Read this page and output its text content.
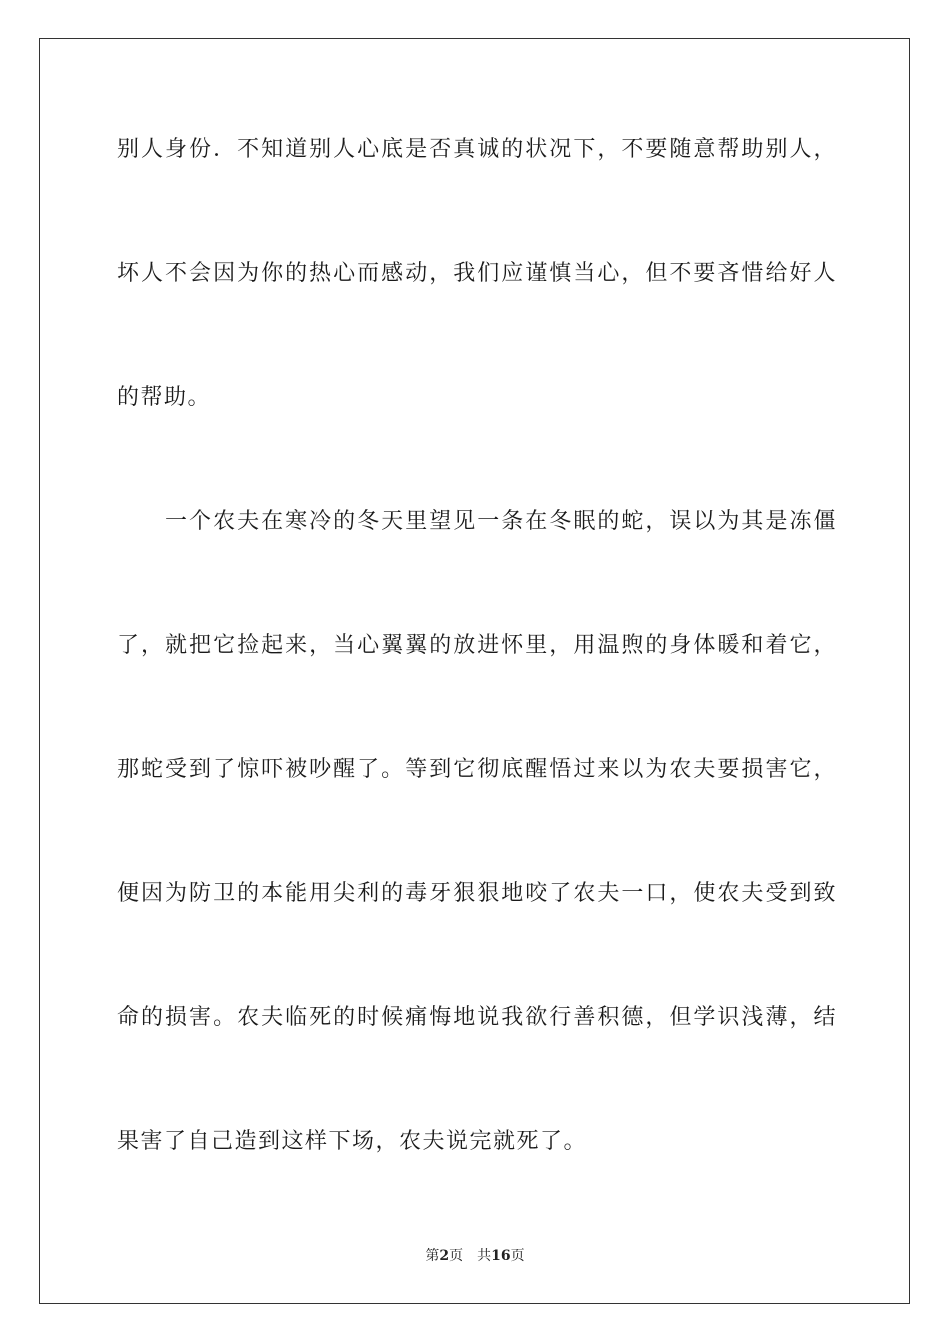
别人身份．不知道别人心底是否真诚的状况下，不要随意帮助别人，
坏人不会因为你的热心而感动，我们应谨慎当心，但不要吝惜给好人
的帮助。
　　一个农夫在寒冷的冬天里望见一条在冬眠的蛇，误以为其是冻僵
了，就把它捡起来，当心翼翼的放进怀里，用温煦的身体暖和着它，
那蛇受到了惊吓被吵醒了。等到它彻底醒悟过来以为农夫要损害它，
便因为防卫的本能用尖利的毒牙狠狠地咬了农夫一口，使农夫受到致
命的损害。农夫临死的时候痛悔地说我欲行善积德，但学识浅薄，结
果害了自己造到这样下场，农夫说完就死了。
第2页 共16页
